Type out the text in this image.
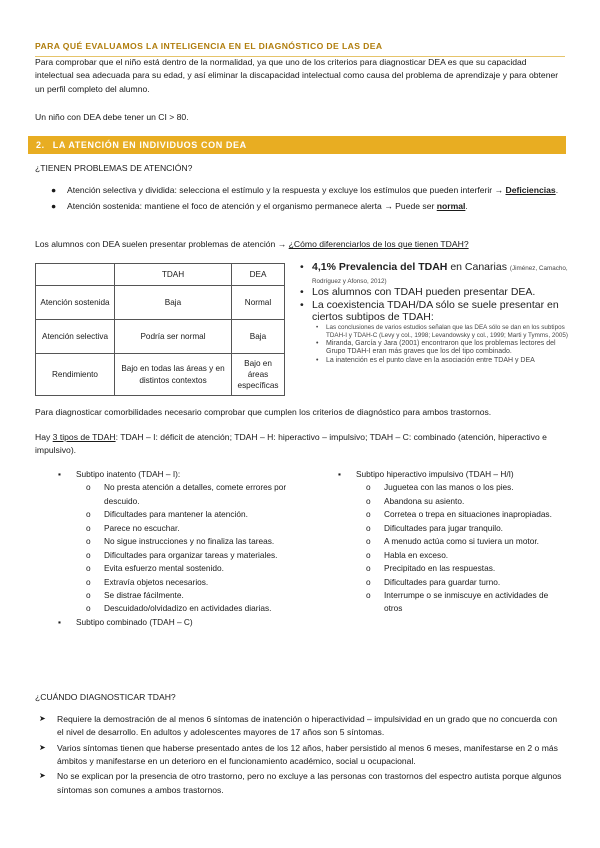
PARA QUÉ EVALUAMOS LA INTELIGENCIA EN EL DIAGNÓSTICO DE LAS DEA
Para comprobar que el niño está dentro de la normalidad, ya que uno de los criterios para diagnosticar DEA es que su capacidad intelectual sea adecuada para su edad, y así eliminar la discapacidad intelectual como causa del problema de aprendizaje y para obtener un perfil completo del alumno.
Un niño con DEA debe tener un CI > 80.
2. LA ATENCIÓN EN INDIVIDUOS CON DEA
¿TIENEN PROBLEMAS DE ATENCIÓN?
● Atención selectiva y dividida: selecciona el estímulo y la respuesta y excluye los estímulos que pueden interferir → Deficiencias.
● Atención sostenida: mantiene el foco de atención y el organismo permanece alerta → Puede ser normal.
Los alumnos con DEA suelen presentar problemas de atención → ¿Cómo diferenciarlos de los que tienen TDAH?
	TDAH	DEA
Atención sostenida	Baja	Normal
Atención selectiva	Podría ser normal	Baja
Rendimiento	Bajo en todas las áreas y en distintos contextos	Bajo en áreas específicas
• 4,1% Prevalencia del TDAH en Canarias (Jiménez, Camacho, Rodríguez y Afonso, 2012)
• Los alumnos con TDAH pueden presentar DEA.
• La coexistencia TDAH/DA sólo se suele presentar en ciertos subtipos de TDAH:
• Las conclusiones de varios estudios señalan que las DEA sólo se dan en los subtipos TDAH-I y TDAH-C (Levy y col., 1998; Levandowsky y col., 1999; Marti y Tymms, 2005)
• Miranda, García y Jara (2001) encontraron que los problemas lectores del Grupo TDAH-I eran más graves que los del tipo combinado.
• La inatención es el punto clave en la asociación entre TDAH y DEA
Para diagnosticar comorbilidades necesario comprobar que cumplen los criterios de diagnóstico para ambos trastornos.
Hay 3 tipos de TDAH: TDAH – I: déficit de atención; TDAH – H: hiperactivo – impulsivo; TDAH – C: combinado (atención, hiperactivo e impulsivo).
▪ Subtipo inatento (TDAH – I):
o No presta atención a detalles, comete errores por descuido.
o Dificultades para mantener la atención.
o Parece no escuchar.
o No sigue instrucciones y no finaliza las tareas.
o Dificultades para organizar tareas y materiales.
o Evita esfuerzo mental sostenido.
o Extravía objetos necesarios.
o Se distrae fácilmente.
o Descuidado/olvidadizo en actividades diarias.
▪ Subtipo combinado (TDAH – C)
▪ Subtipo hiperactivo impulsivo (TDAH – H/I)
o Juguetea con las manos o los pies.
o Abandona su asiento.
o Corretea o trepa en situaciones inapropiadas.
o Dificultades para jugar tranquilo.
o A menudo actúa como si tuviera un motor.
o Habla en exceso.
o Precipitado en las respuestas.
o Dificultades para guardar turno.
o Interrumpe o se inmiscuye en actividades de otros
¿CUÁNDO DIAGNOSTICAR TDAH?
➤ Requiere la demostración de al menos 6 síntomas de inatención o hiperactividad – impulsividad en un grado que no concuerda con el nivel de desarrollo. En adultos y adolescentes mayores de 17 años son 5 síntomas.
➤ Varios síntomas tienen que haberse presentado antes de los 12 años, haber persistido al menos 6 meses, manifestarse en 2 o más ámbitos y manifestarse en un deterioro en el funcionamiento académico, social u ocupacional.
➤ No se explican por la presencia de otro trastorno, pero no excluye a las personas con trastornos del espectro autista porque algunos síntomas son comunes a ambos trastornos.
